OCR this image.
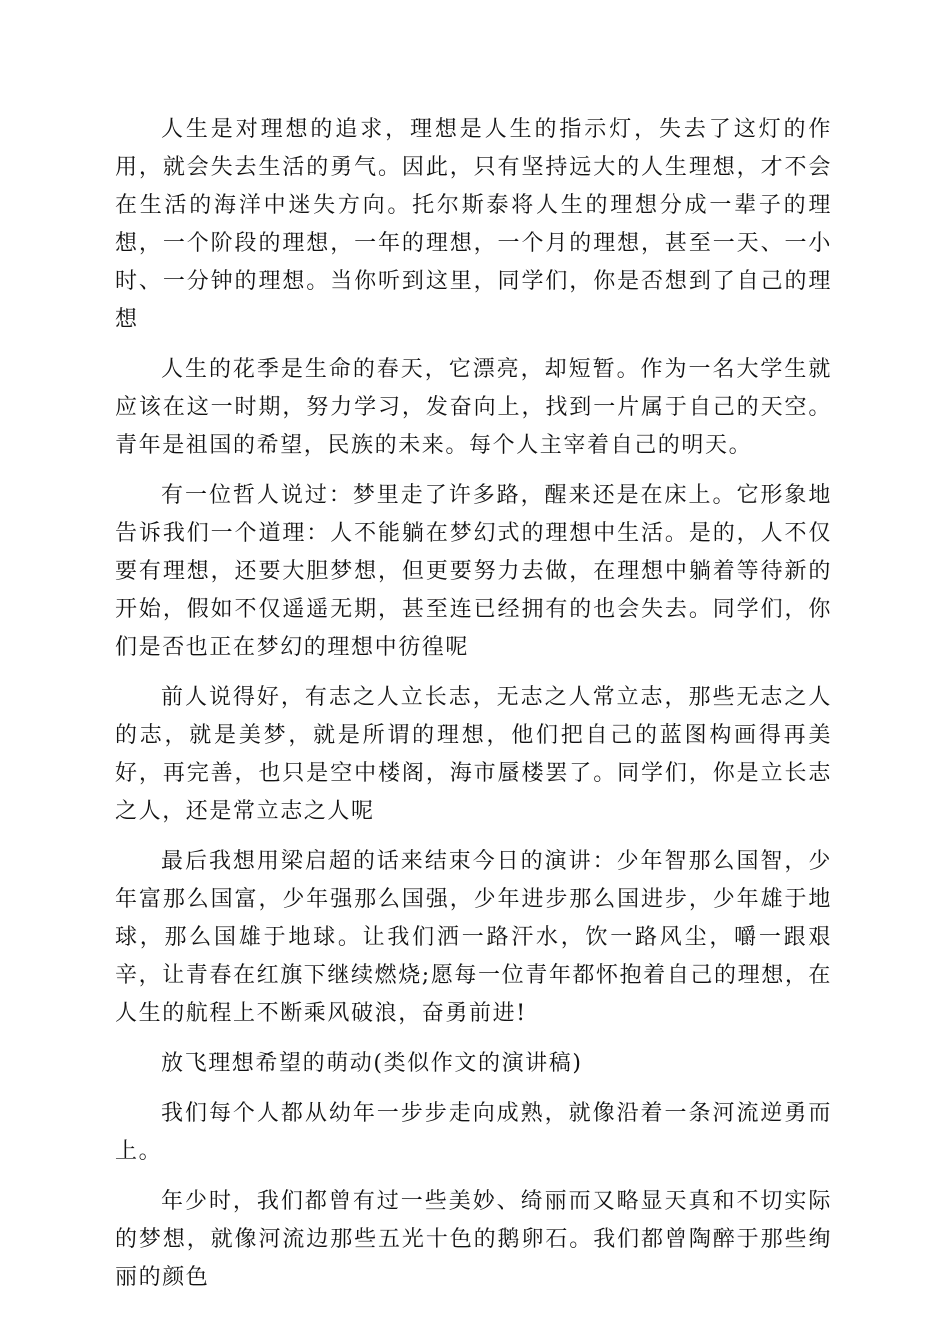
人生是对理想的追求，理想是人生的指示灯，失去了这灯的作用，就会失去生活的勇气。因此，只有坚持远大的人生理想，才不会在生活的海洋中迷失方向。托尔斯泰将人生的理想分成一辈子的理想，一个阶段的理想，一年的理想，一个月的理想，甚至一天、一小时、一分钟的理想。当你听到这里，同学们，你是否想到了自己的理想

人生的花季是生命的春天，它漂亮，却短暂。作为一名大学生就应该在这一时期，努力学习，发奋向上，找到一片属于自己的天空。青年是祖国的希望，民族的未来。每个人主宰着自己的明天。

有一位哲人说过：梦里走了许多路，醒来还是在床上。它形象地告诉我们一个道理：人不能躺在梦幻式的理想中生活。是的，人不仅要有理想，还要大胆梦想，但更要努力去做，在理想中躺着等待新的开始，假如不仅遥遥无期，甚至连已经拥有的也会失去。同学们，你们是否也正在梦幻的理想中彷徨呢

前人说得好，有志之人立长志，无志之人常立志，那些无志之人的志，就是美梦，就是所谓的理想，他们把自己的蓝图构画得再美好，再完善，也只是空中楼阁，海市蜃楼罢了。同学们，你是立长志之人，还是常立志之人呢

最后我想用梁启超的话来结束今日的演讲：少年智那么国智，少年富那么国富，少年强那么国强，少年进步那么国进步，少年雄于地球，那么国雄于地球。让我们洒一路汗水，饮一路风尘，嚼一跟艰辛，让青春在红旗下继续燃烧;愿每一位青年都怀抱着自己的理想，在人生的航程上不断乘风破浪，奋勇前进!

放飞理想希望的萌动(类似作文的演讲稿)

我们每个人都从幼年一步步走向成熟，就像沿着一条河流逆勇而上。

年少时，我们都曾有过一些美妙、绮丽而又略显天真和不切实际的梦想，就像河流边那些五光十色的鹅卵石。我们都曾陶醉于那些绚丽的颜色
